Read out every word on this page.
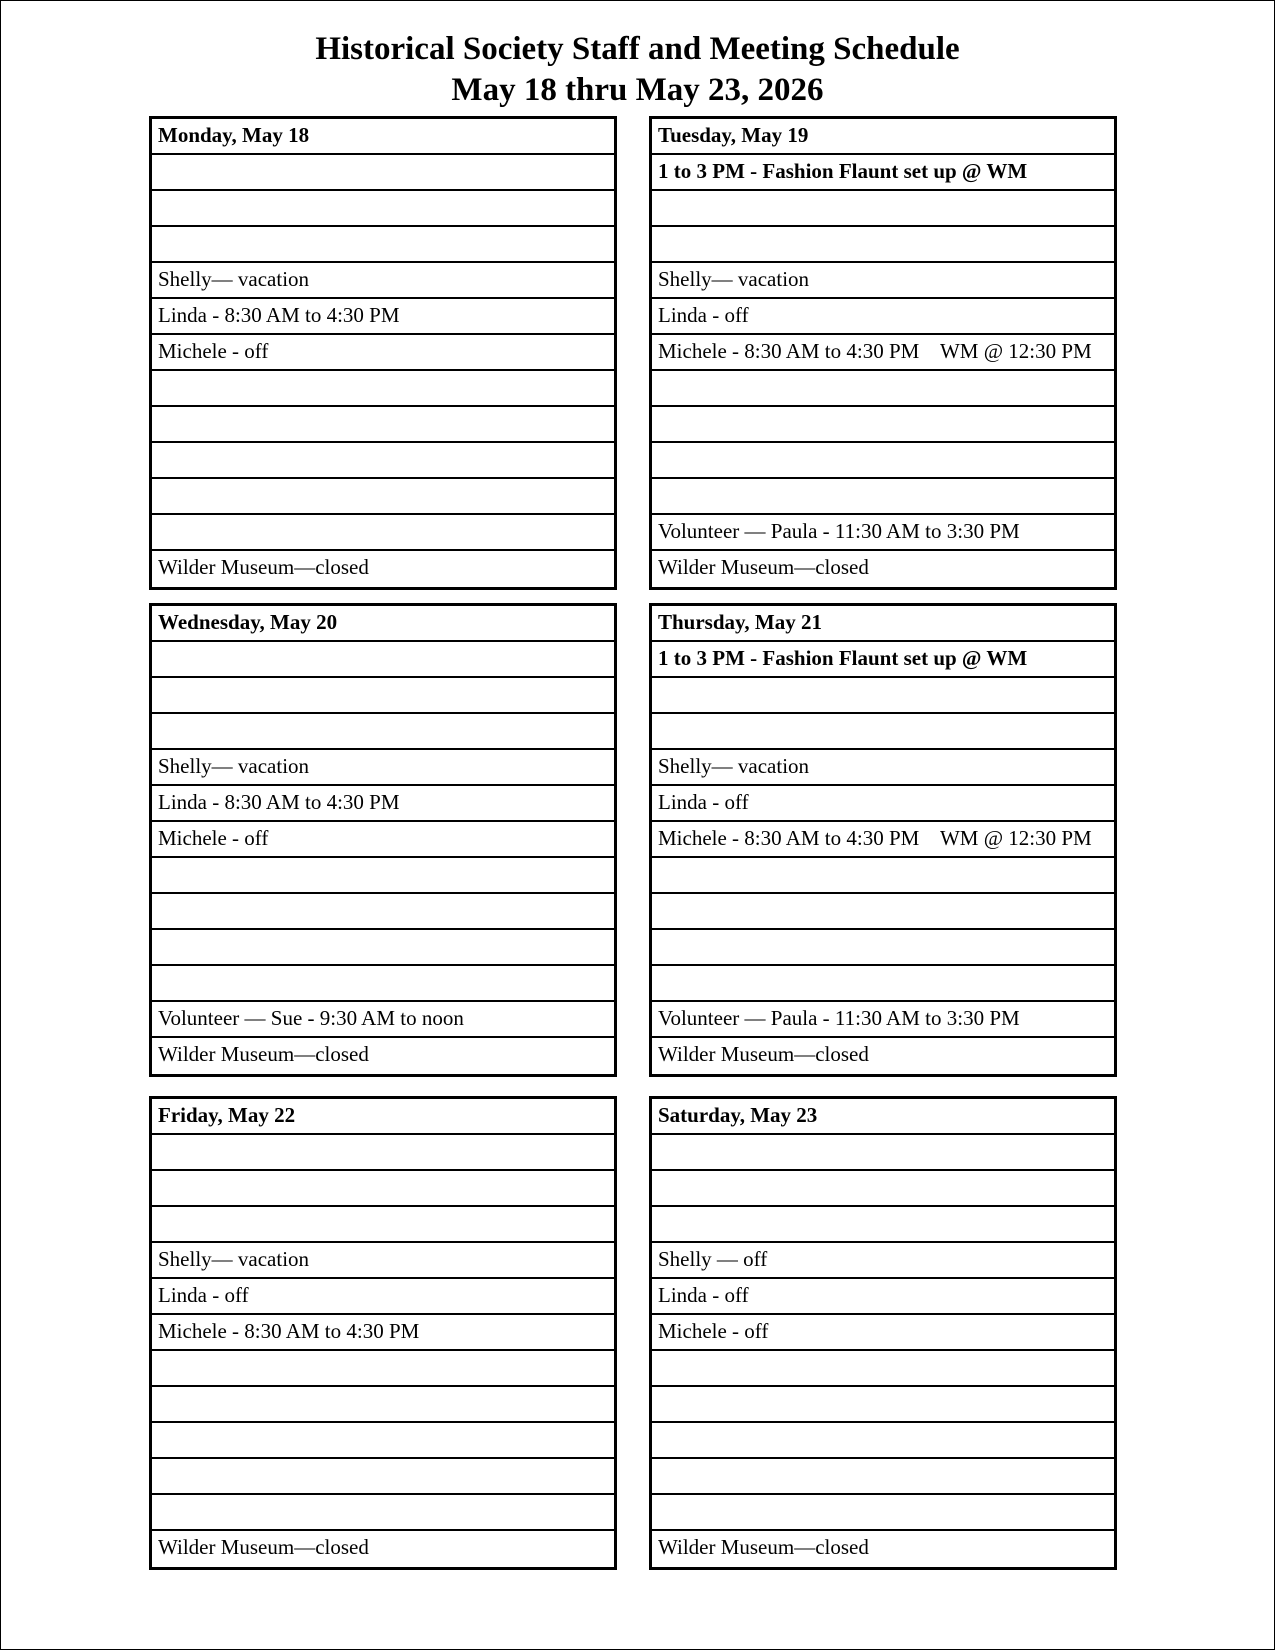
Historical Society Staff and Meeting Schedule
May 18 thru May 23, 2026
Monday, May 18
Shelly— vacation
Linda - 8:30 AM to 4:30 PM
Michele - off
Wilder Museum—closed
Tuesday, May 19
1 to 3 PM - Fashion Flaunt set up @ WM
Shelly— vacation
Linda - off
Michele - 8:30 AM to 4:30 PM    WM @ 12:30 PM
Volunteer — Paula - 11:30 AM to 3:30 PM
Wilder Museum—closed
Wednesday, May 20
Shelly— vacation
Linda - 8:30 AM to 4:30 PM
Michele - off
Volunteer — Sue - 9:30 AM to noon
Wilder Museum—closed
Thursday, May 21
1 to 3 PM - Fashion Flaunt set up @ WM
Shelly— vacation
Linda - off
Michele - 8:30 AM to 4:30 PM    WM @ 12:30 PM
Volunteer — Paula - 11:30 AM to 3:30 PM
Wilder Museum—closed
Friday, May 22
Shelly— vacation
Linda - off
Michele - 8:30 AM to 4:30 PM
Wilder Museum—closed
Saturday, May 23
Shelly — off
Linda - off
Michele - off
Wilder Museum—closed
